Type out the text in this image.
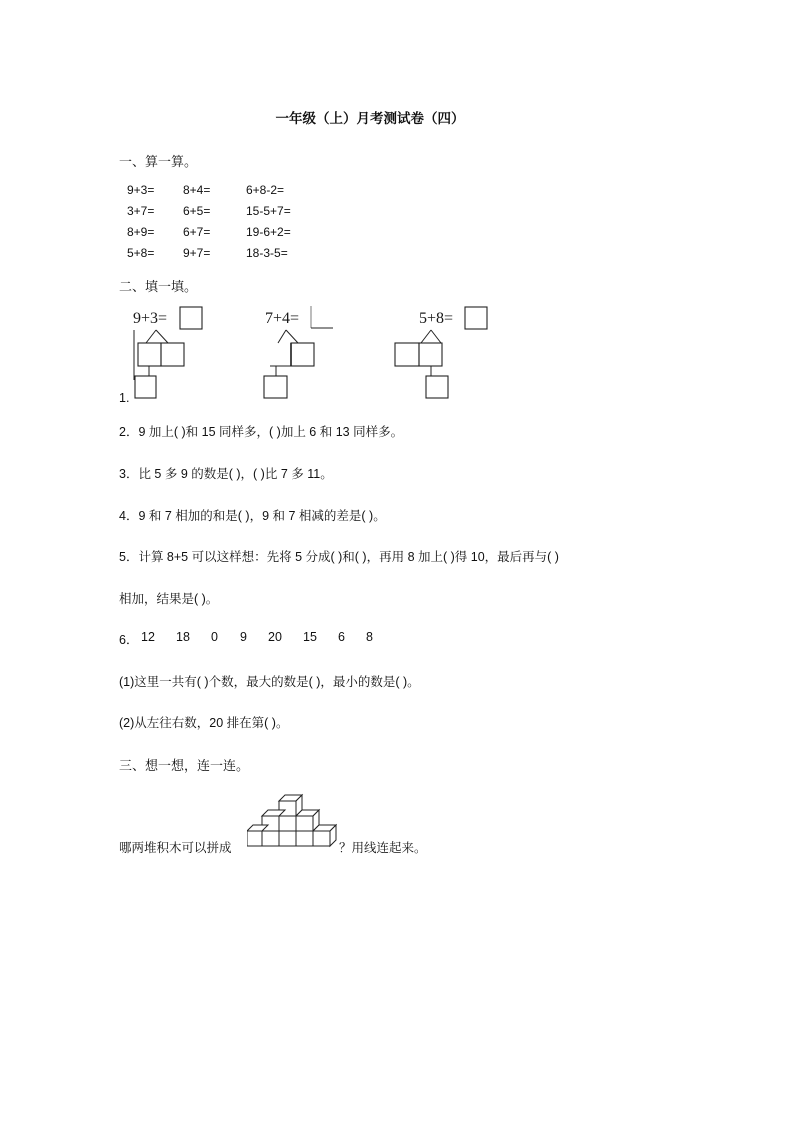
一年级（上）月考测试卷（四）
一、算一算。
9+3= 8+4=	6+8-2=
3+7= 6+5=	15-5+7=
8+9= 6+7=	19-6+2=
5+8= 9+7=	18-3-5=
二、填一填。
9+3=	7+4=	5+8=
1.
2．9 加上( )和 15 同样多，( )加上 6 和 13 同样多。
3．比 5 多 9 的数是( )，( )比 7 多 11。
4．9 和 7 相加的和是( )，9 和 7 相减的差是( )。
5．计算 8+5 可以这样想：先将 5 分成( )和( )，再用 8 加上( )得 10，最后再与( )
相加，结果是( )。
6． 12 18 0 9 20 15 6 8
(1)这里一共有( )个数，最大的数是( )，最小的数是( )。
(2)从左往右数，20 排在第( )。
三、想一想，连一连。
哪两堆积木可以拼成	？用线连起来。
